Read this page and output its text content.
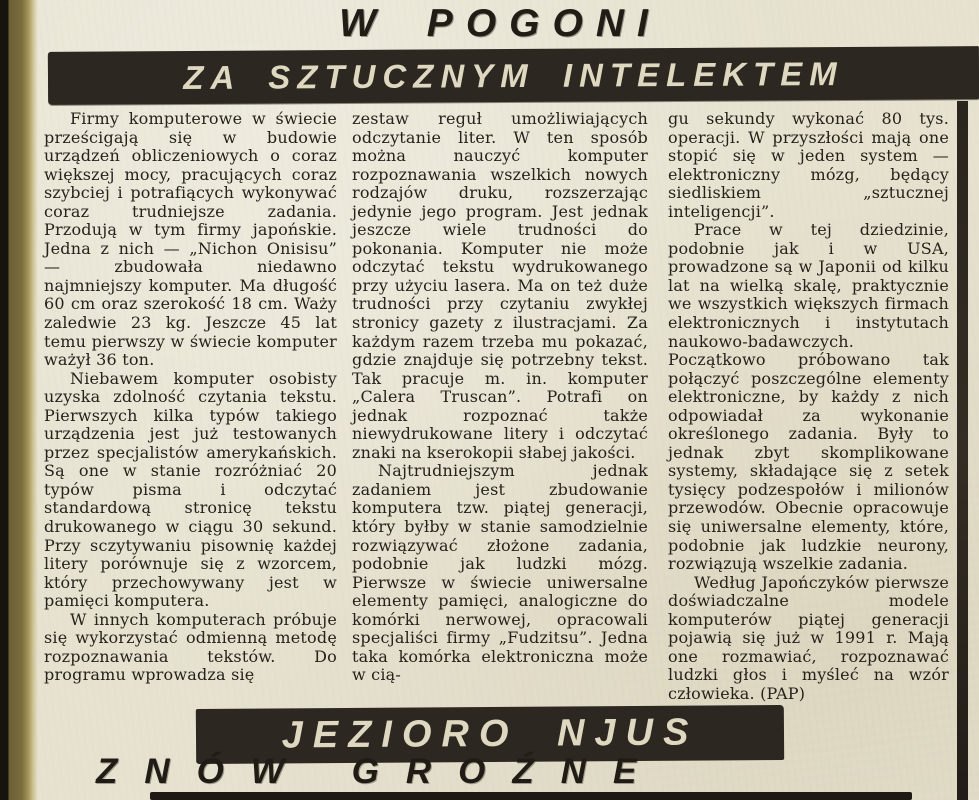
W POGONI
ZA SZTUCZNYM INTELEKTEM

Firmy komputerowe w świecie prześcigają się w budowie urządzeń obliczeniowych o coraz większej mocy, pracujących coraz szybciej i potrafiących wykonywać coraz trudniejsze zadania. Przodują w tym firmy japońskie. Jedna z nich — „Nichon Onisisu” — zbudowała niedawno najmniejszy komputer. Ma długość 60 cm oraz szerokość 18 cm. Waży zaledwie 23 kg. Jeszcze 45 lat temu pierwszy w świecie komputer ważył 36 ton.

Niebawem komputer osobisty uzyska zdolność czytania tekstu. Pierwszych kilka typów takiego urządzenia jest już testowanych przez specjalistów amerykańskich. Są one w stanie rozróżniać 20 typów pisma i odczytać standardową stronicę tekstu drukowanego w ciągu 30 sekund. Przy sczytywaniu pisownię każdej litery porównuje się z wzorcem, który przechowywany jest w pamięci komputera.

W innych komputerach próbuje się wykorzystać odmienną metodę rozpoznawania tekstów. Do programu wprowadza się

zestaw reguł umożliwiających odczytanie liter. W ten sposób można nauczyć komputer rozpoznawania wszelkich nowych rodzajów druku, rozszerzając jedynie jego program. Jest jednak jeszcze wiele trudności do pokonania. Komputer nie może odczytać tekstu wydrukowanego przy użyciu lasera. Ma on też duże trudności przy czytaniu zwykłej stronicy gazety z ilustracjami. Za każdym razem trzeba mu pokazać, gdzie znajduje się potrzebny tekst. Tak pracuje m. in. komputer „Calera Truscan”. Potrafi on jednak rozpoznać także niewydrukowane litery i odczytać znaki na kserokopii słabej jakości.

Najtrudniejszym jednak zadaniem jest zbudowanie komputera tzw. piątej generacji, który byłby w stanie samodzielnie rozwiązywać złożone zadania, podobnie jak ludzki mózg. Pierwsze w świecie uniwersalne elementy pamięci, analogiczne do komórki nerwowej, opracowali specjaliści firmy „Fudzitsu”. Jedna taka komórka elektroniczna może w cią-

gu sekundy wykonać 80 tys. operacji. W przyszłości mają one stopić się w jeden system — elektroniczny mózg, będący siedliskiem „sztucznej inteligencji”.

Prace w tej dziedzinie, podobnie jak i w USA, prowadzone są w Japonii od kilku lat na wielką skalę, praktycznie we wszystkich większych firmach elektronicznych i instytutach naukowo-badawczych. Początkowo próbowano tak połączyć poszczególne elementy elektroniczne, by każdy z nich odpowiadał za wykonanie określonego zadania. Były to jednak zbyt skomplikowane systemy, składające się z setek tysięcy podzespołów i milionów przewodów. Obecnie opracowuje się uniwersalne elementy, które, podobnie jak ludzkie neurony, rozwiązują wszelkie zadania.

Według Japończyków pierwsze doświadczalne modele komputerów piątej generacji pojawią się już w 1991 r. Mają one rozmawiać, rozpoznawać ludzki głos i myśleć na wzór człowieka. (PAP)

JEZIORO NJUS
ZNÓW GROŹNE
